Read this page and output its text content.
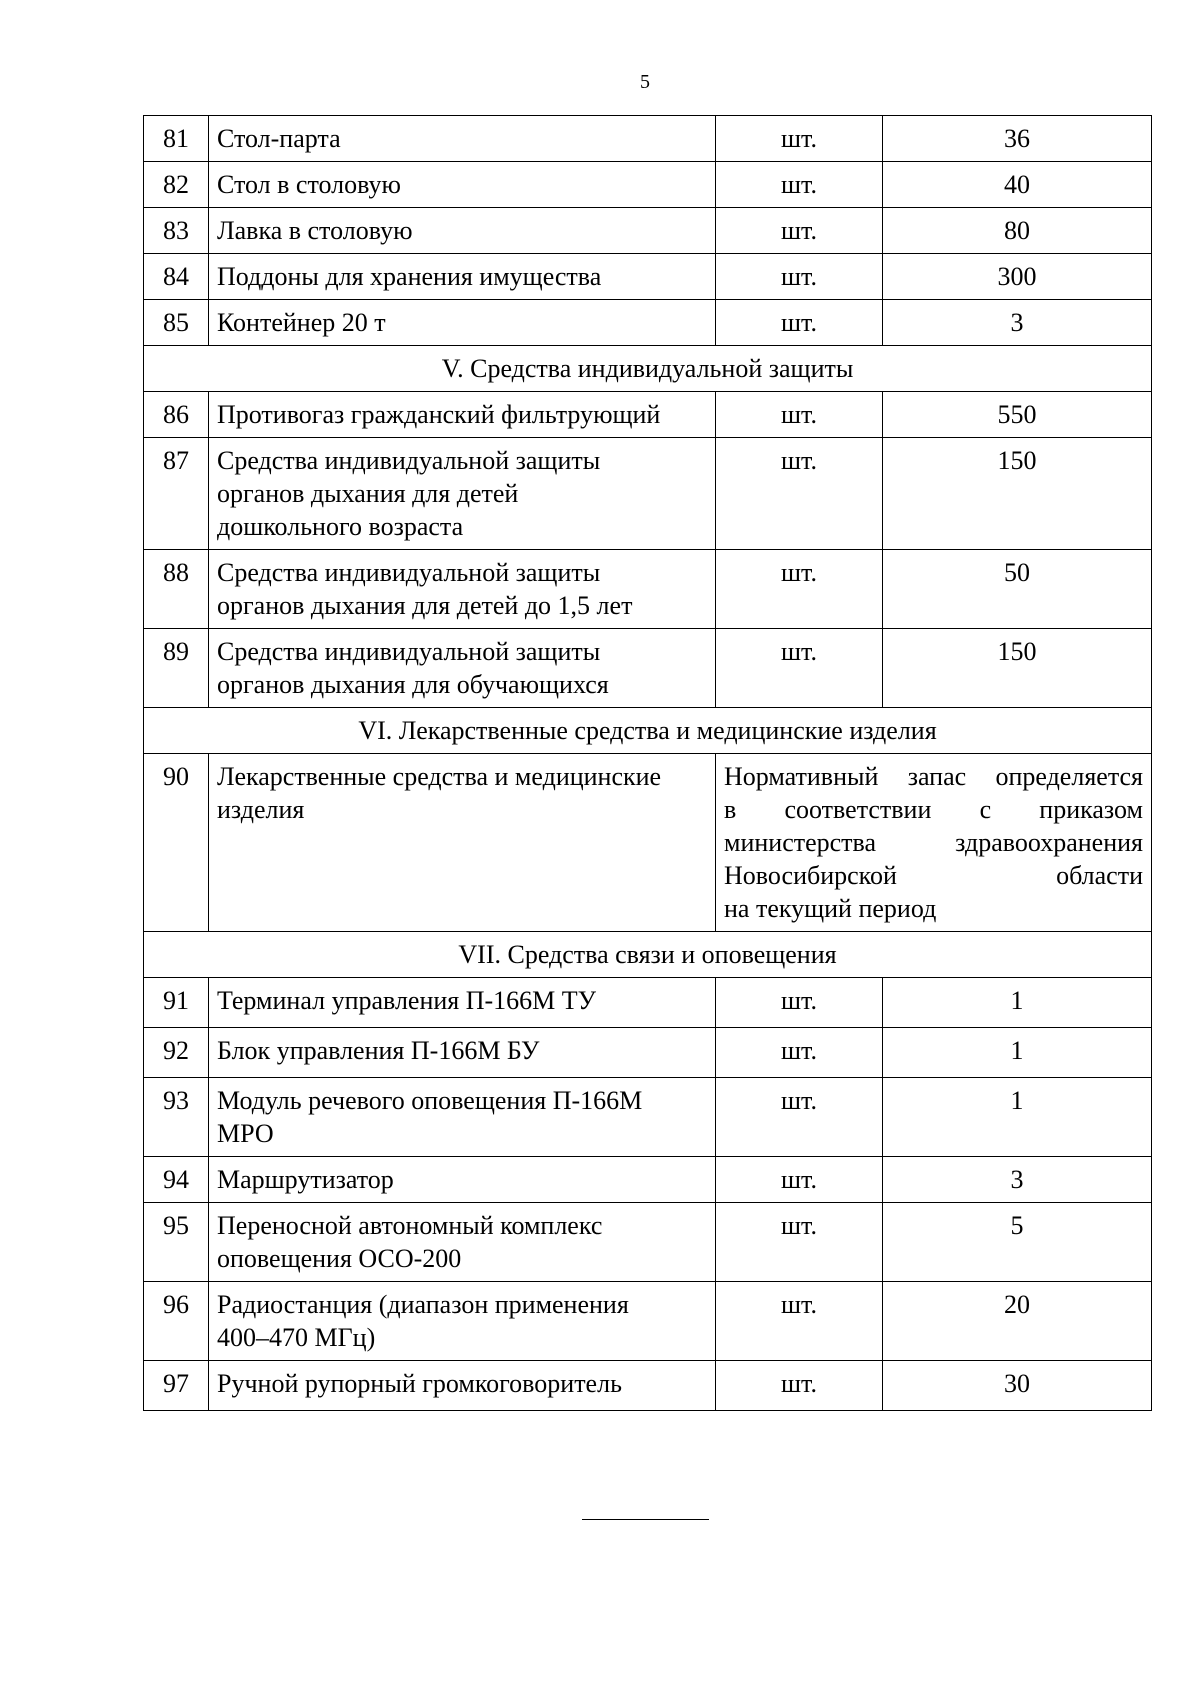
5
81	Стол-парта	шт.	36
82	Стол в столовую	шт.	40
83	Лавка в столовую	шт.	80
84	Поддоны для хранения имущества	шт.	300
85	Контейнер 20 т	шт.	3
V. Средства индивидуальной защиты			
86	Противогаз гражданский фильтрующий	шт.	550
87	Средства индивидуальной защиты
органов дыхания для детей
дошкольного возраста	шт.	150
88	Средства индивидуальной защиты
органов дыхания для детей до 1,5 лет	шт.	50
89	Средства индивидуальной защиты
органов дыхания для обучающихся	шт.	150
VI. Лекарственные средства и медицинские изделия			
90	Лекарственные средства и медицинские
изделия	Нормативный запас определяется
в соответствии с приказом
министерства здравоохранения
Новосибирской области
на текущий период	

VII. Средства связи и оповещения			
91	Терминал управления П-166М ТУ	шт.	1
92	Блок управления П-166М БУ	шт.	1
93	Модуль речевого оповещения П-166М
МРО	шт.	1
94	Маршрутизатор	шт.	3
95	Переносной автономный комплекс
оповещения ОСО-200	шт.	5
96	Радиостанция (диапазон применения
400–470 МГц)	шт.	20
97	Ручной рупорный громкоговоритель	шт.	30
